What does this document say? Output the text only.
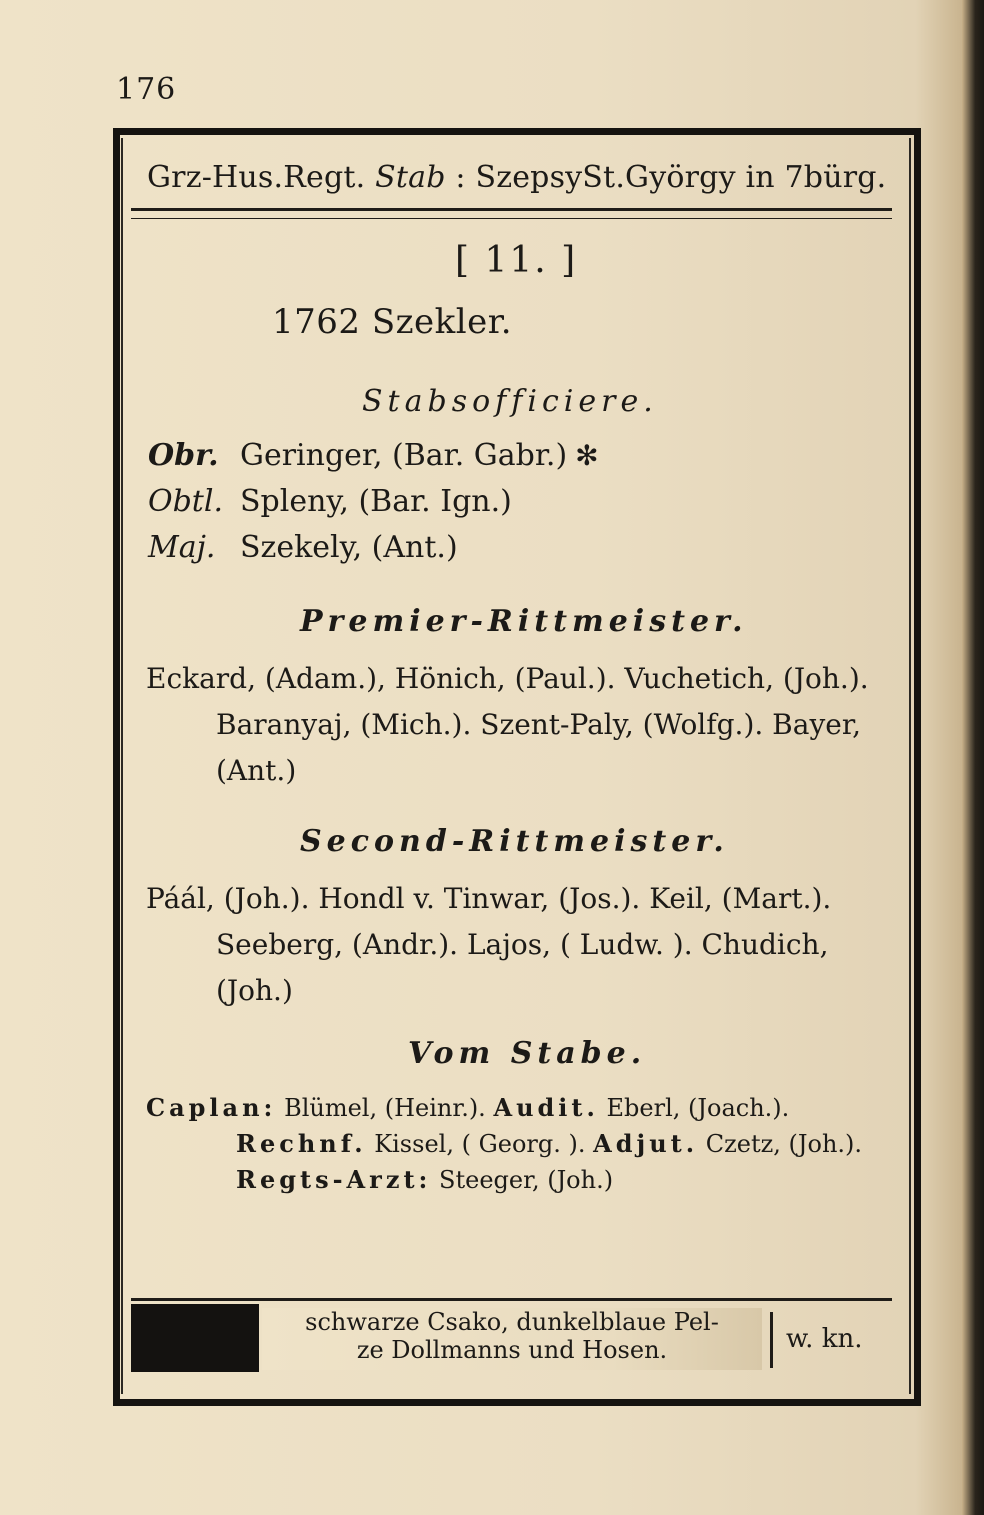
176
Grz-Hus.Regt. Stab : SzepsySt.György in 7bürg.
[ 11. ]
1762 Szekler.
Stabsofficiere.
Obr. Geringer, (Bar. Gabr.) ✻
Obtl. Spleny, (Bar. Ign.)
Maj. Szekely, (Ant.)
Premier-Rittmeister.
Eckard, (Adam.), Hönich, (Paul.). Vuchetich, (Joh.). Baranyaj, (Mich.). Szent-Paly, (Wolfg.). Bayer, (Ant.)
Second-Rittmeister.
Páál, (Joh.). Hondl v. Tinwar, (Jos.). Keil, (Mart.). Seeberg, (Andr.). Lajos, ( Ludw. ). Chudich, (Joh.)
Vom Stabe.
Caplan: Blümel, (Heinr.). Audit. Eberl, (Joach.). Rechnf. Kissel, ( Georg. ). Adjut. Czetz, (Joh.). Regts-Arzt: Steeger, (Joh.)
schwarze Csako, dunkelblaue Pel-
ze Dollmanns und Hosen.	w. kn.
